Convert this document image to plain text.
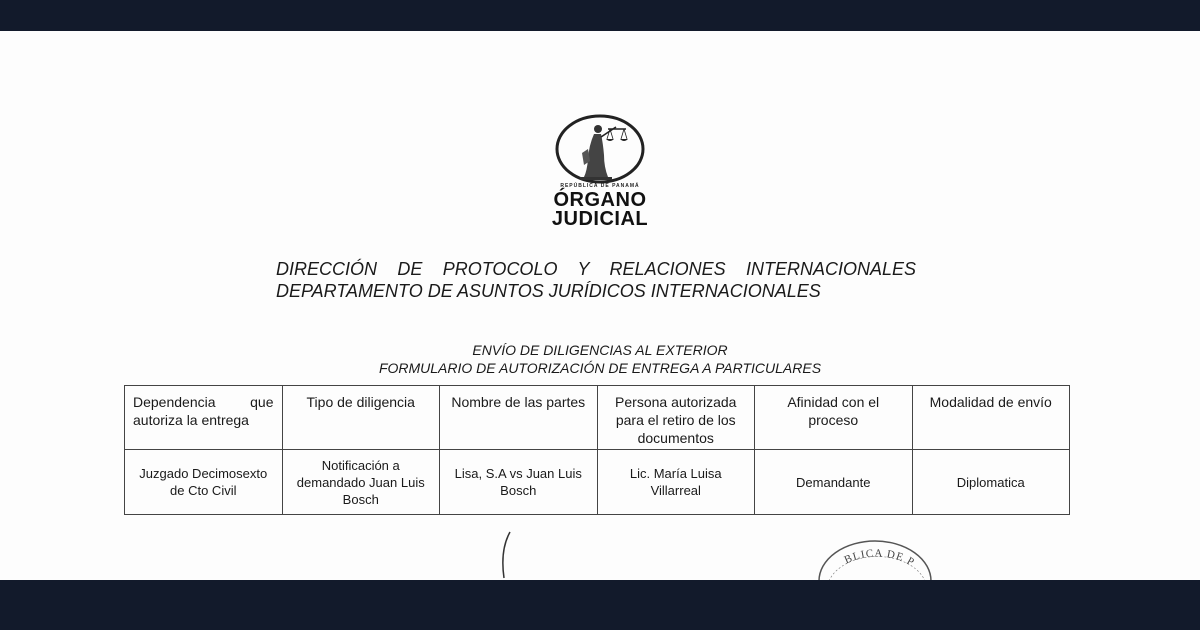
REPÚBLICA DE PANAMÁ
ÓRGANO
JUDICIAL
DIRECCIÓN DE PROTOCOLO Y RELACIONES INTERNACIONALES
DEPARTAMENTO DE ASUNTOS JURÍDICOS INTERNACIONALES
ENVÍO DE DILIGENCIAS AL EXTERIOR
FORMULARIO DE AUTORIZACIÓN DE ENTREGA A PARTICULARES
Dependencia que autoriza la entrega	Tipo de diligencia	Nombre de las partes	Persona autorizada para el retiro de los documentos	Afinidad con el proceso	Modalidad de envío
Juzgado Decimosexto de Cto Civil	Notificación a demandado Juan Luis Bosch	Lisa, S.A vs Juan Luis Bosch	Lic. María Luisa Villarreal	Demandante	Diplomatica
BLICA DE P
